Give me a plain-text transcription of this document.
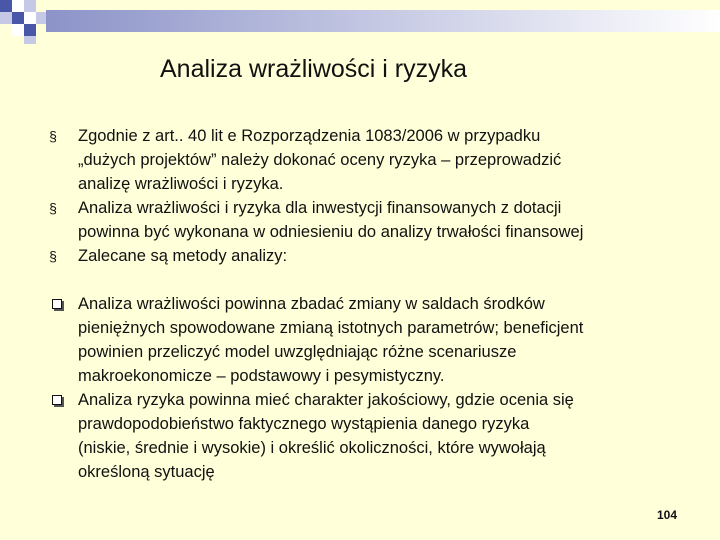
Analiza wrażliwości i ryzyka
§ Zgodnie z art.. 40 lit e Rozporządzenia 1083/2006 w przypadku
„dużych projektów” należy dokonać oceny ryzyka – przeprowadzić
analizę wrażliwości i ryzyka.
§ Analiza wrażliwości i ryzyka dla inwestycji finansowanych z dotacji
powinna być wykonana w odniesieniu do analizy trwałości finansowej
§ Zalecane są metody analizy:
Analiza wrażliwości powinna zbadać zmiany w saldach środków
pieniężnych spowodowane zmianą istotnych parametrów; beneficjent
powinien przeliczyć model uwzględniając różne scenariusze
makroekonomicze – podstawowy i pesymistyczny.
Analiza ryzyka powinna mieć charakter jakościowy, gdzie ocenia się
prawdopodobieństwo faktycznego wystąpienia danego ryzyka
(niskie, średnie i wysokie) i określić okoliczności, które wywołają
określoną sytuację
104
